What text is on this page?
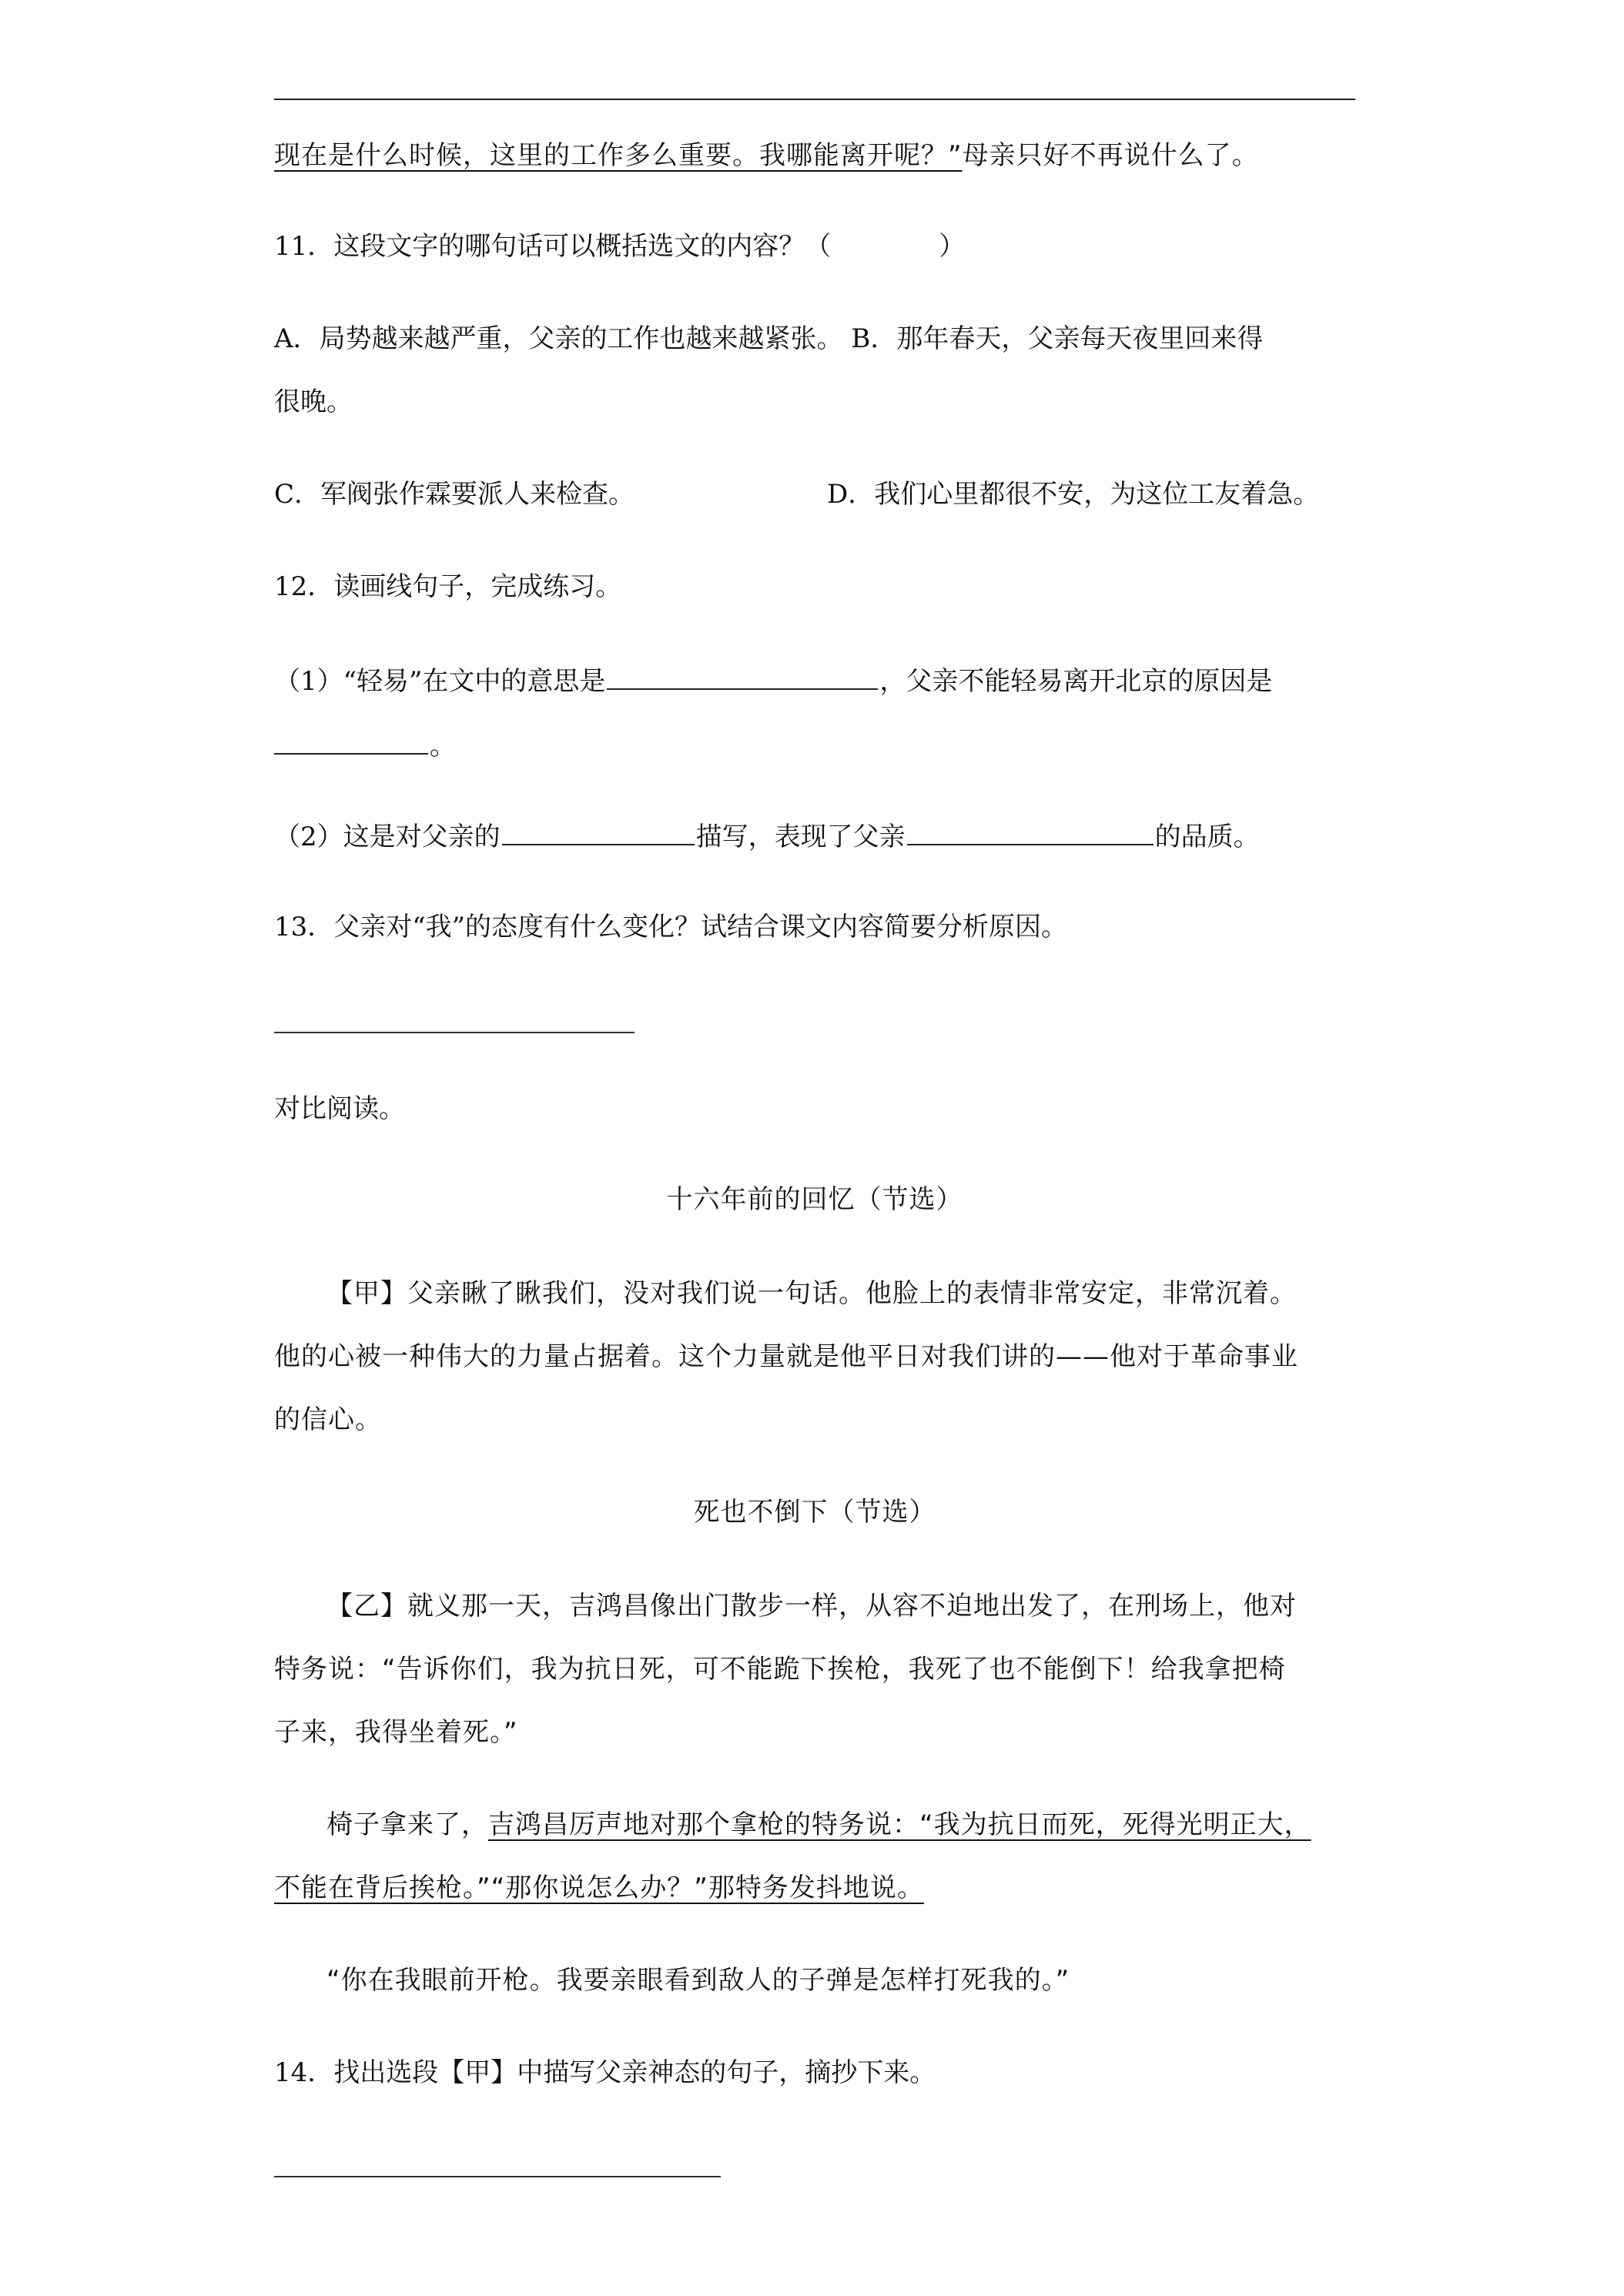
现在是什么时候，这里的工作多么重要。我哪能离开呢？”母亲只好不再说什么了。
11．这段文字的哪句话可以概括选文的内容？（	）
A．局势越来越严重，父亲的工作也越来越紧张。 B．那年春天，父亲每天夜里回来得
很晚。
C．军阀张作霖要派人来检查。	D．我们心里都很不安，为这位工友着急。
12．读画线句子，完成练习。
（1）“轻易”在文中的意思是	，父亲不能轻易离开北京的原因是
。
（2）这是对父亲的	描写，表现了父亲	的品质。
13．父亲对“我”的态度有什么变化？试结合课文内容简要分析原因。
对比阅读。
十六年前的回忆（节选）
【甲】父亲瞅了瞅我们，没对我们说一句话。他脸上的表情非常安定，非常沉着。
他的心被一种伟大的力量占据着。这个力量就是他平日对我们讲的——他对于革命事业
的信心。
死也不倒下（节选）
【乙】就义那一天，吉鸿昌像出门散步一样，从容不迫地出发了，在刑场上，他对
特务说：“告诉你们，我为抗日死，可不能跪下挨枪，我死了也不能倒下！给我拿把椅
子来，我得坐着死。”
椅子拿来了，吉鸿昌厉声地对那个拿枪的特务说：“我为抗日而死，死得光明正大，
不能在背后挨枪。”“那你说怎么办？”那特务发抖地说。
“你在我眼前开枪。我要亲眼看到敌人的子弹是怎样打死我的。”
14．找出选段【甲】中描写父亲神态的句子，摘抄下来。
